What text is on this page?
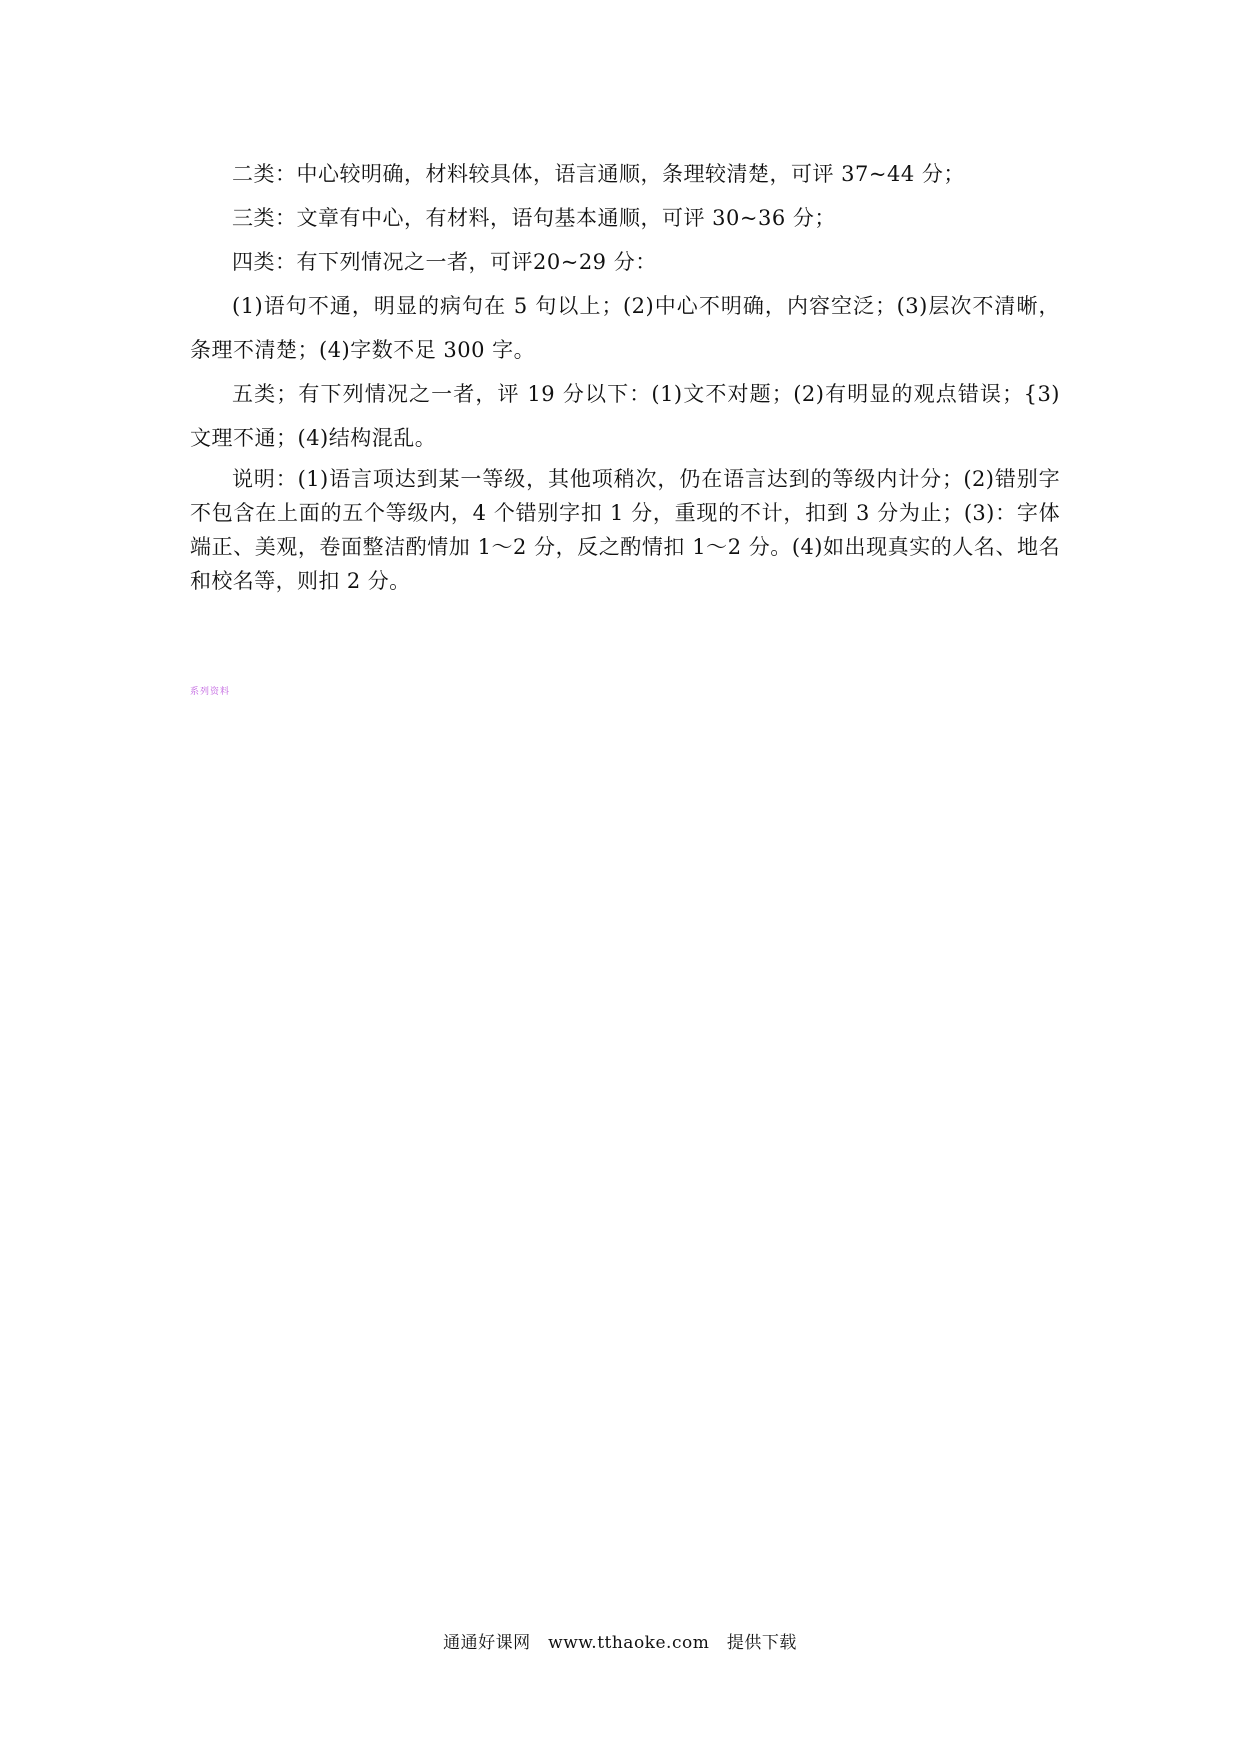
二类：中心较明确，材料较具体，语言通顺，条理较清楚，可评 37~44 分；

三类：文章有中心，有材料，语句基本通顺，可评 30~36 分；

四类：有下列情况之一者，可评20~29 分：

(1)语句不通，明显的病句在 5 句以上；(2)中心不明确，内容空泛；(3)层次不清晰，条理不清楚；(4)字数不足 300 字。

五类；有下列情况之一者，评 19 分以下：(1)文不对题；(2)有明显的观点错误；{3)文理不通；(4)结构混乱。

说明：(1)语言项达到某一等级，其他项稍次，仍在语言达到的等级内计分；(2)错别字不包含在上面的五个等级内，4 个错别字扣 1 分，重现的不计，扣到 3 分为止；(3)：字体端正、美观，卷面整洁酌情加 1～2 分，反之酌情扣 1～2 分。(4)如出现真实的人名、地名和校名等，则扣 2 分。

系列资料
通通好课网　www.tthaoke.com　提供下载
